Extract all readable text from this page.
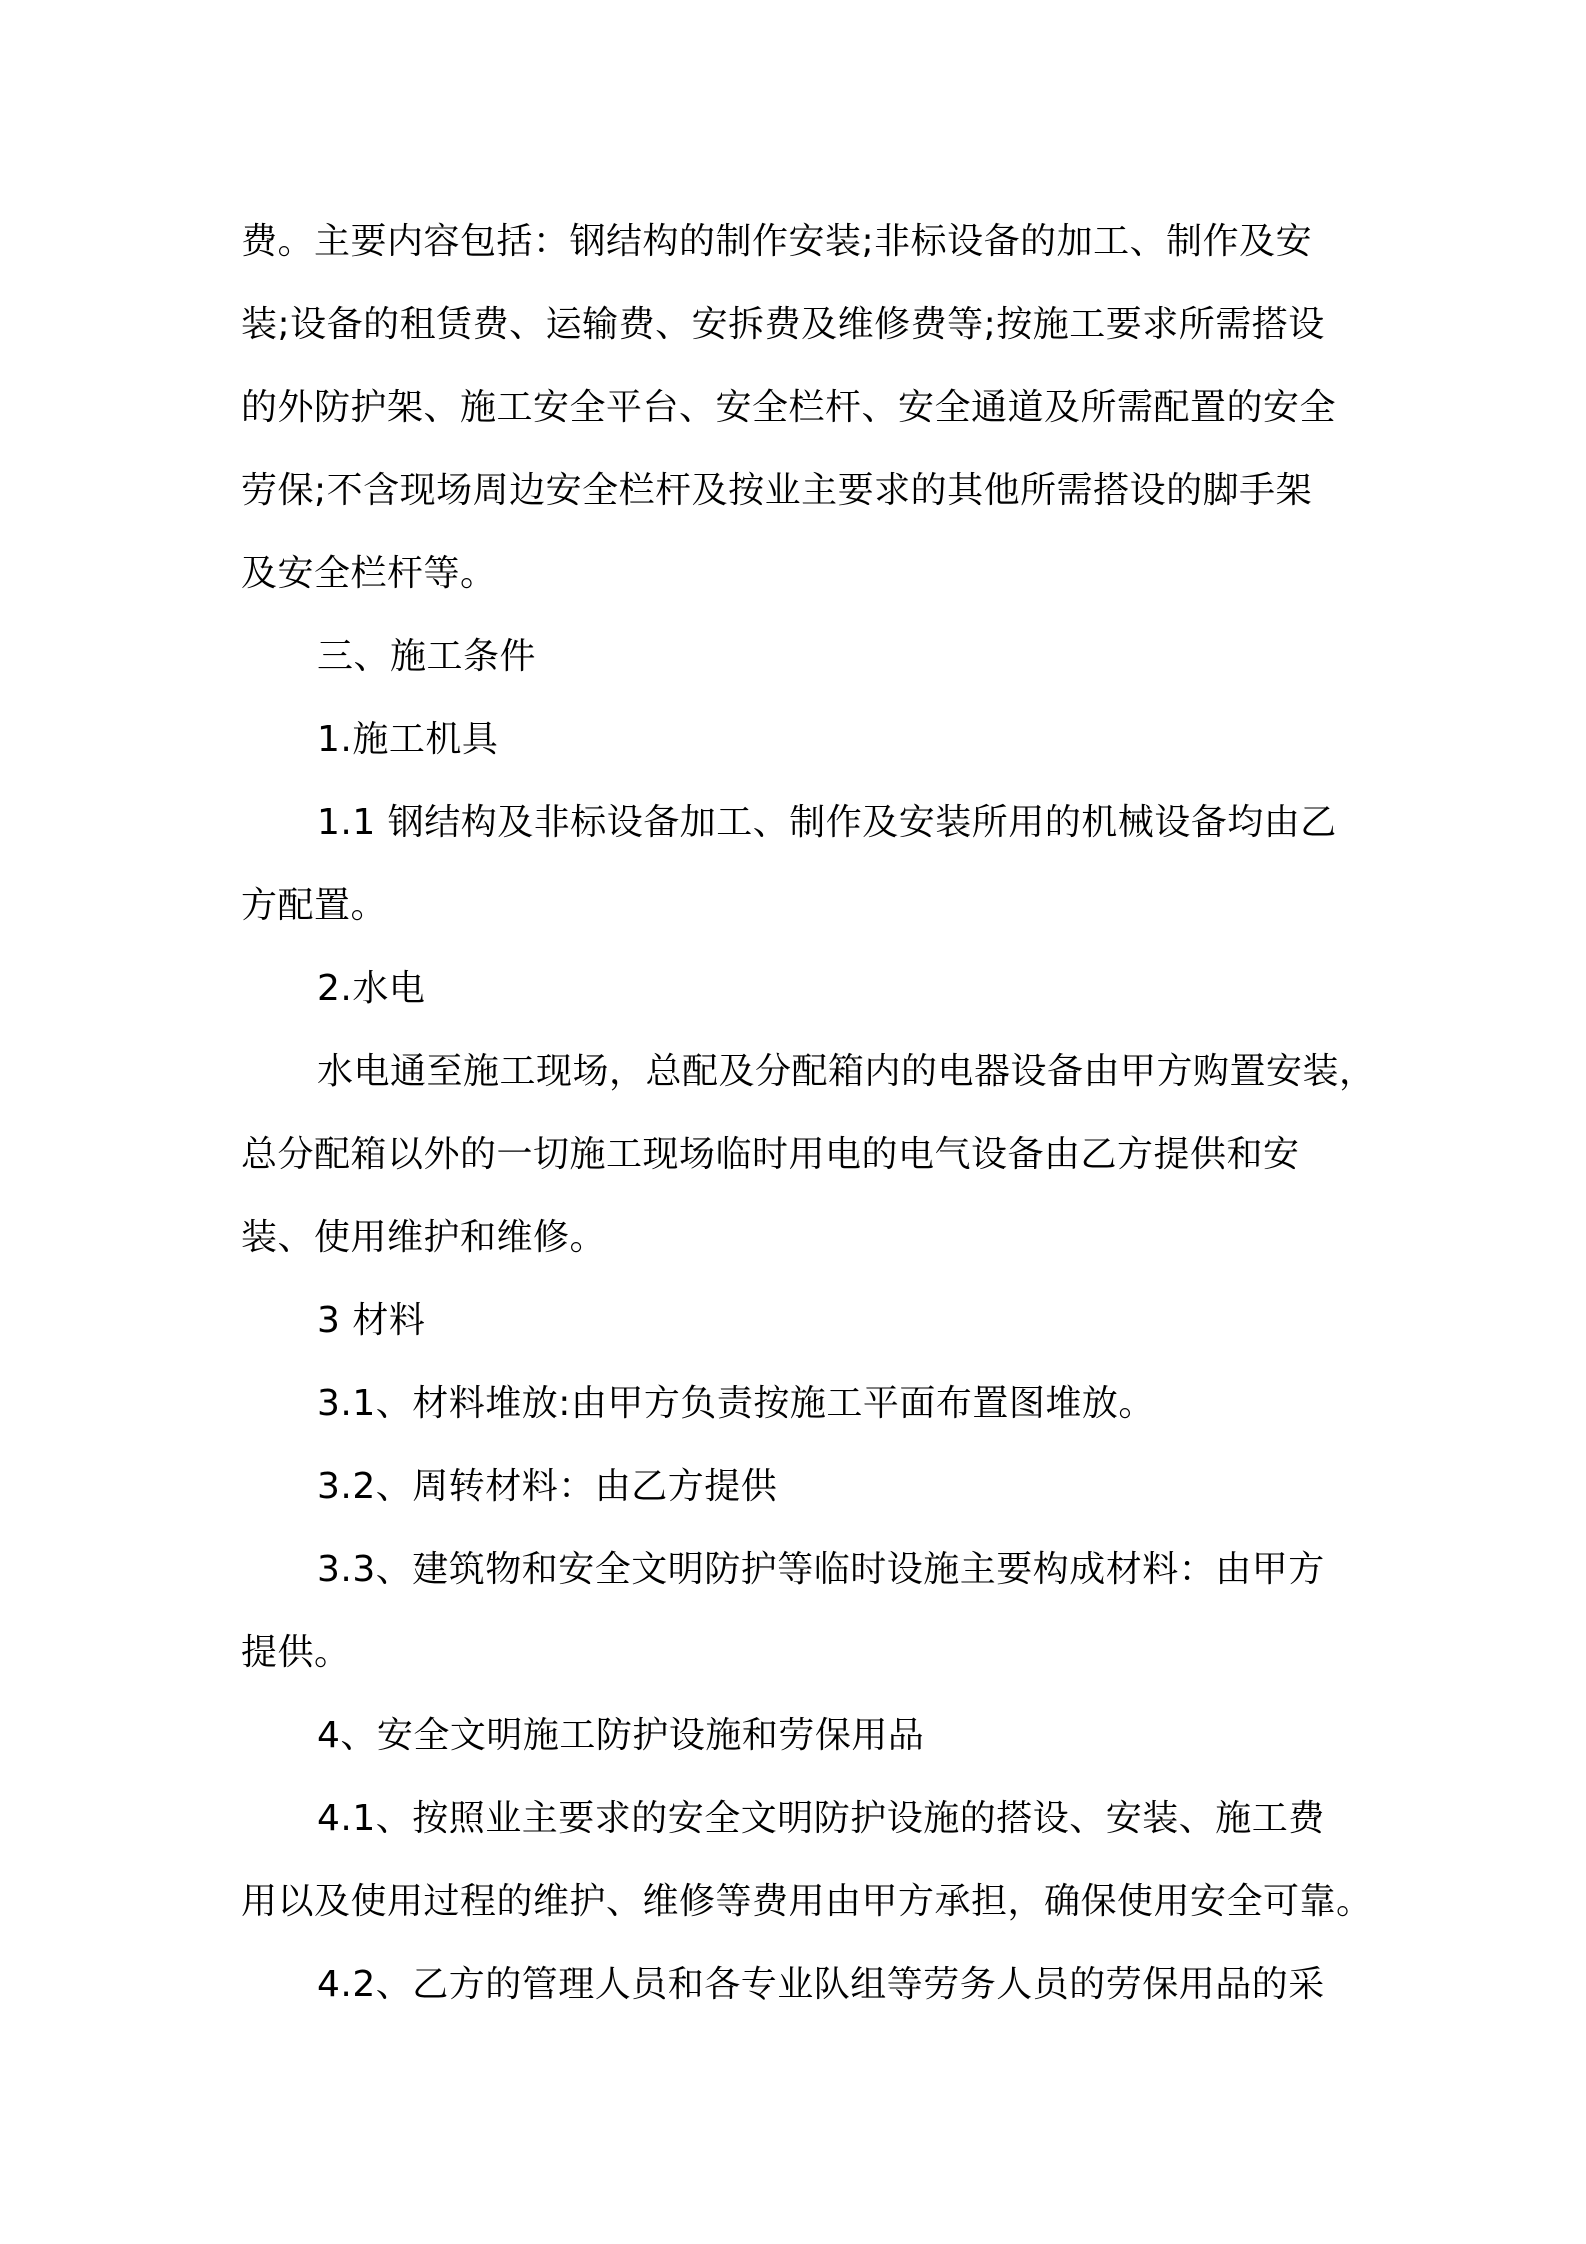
费。主要内容包括：钢结构的制作安装;非标设备的加工、制作及安
装;设备的租赁费、运输费、安拆费及维修费等;按施工要求所需搭设
的外防护架、施工安全平台、安全栏杆、安全通道及所需配置的安全
劳保;不含现场周边安全栏杆及按业主要求的其他所需搭设的脚手架
及安全栏杆等。
三、施工条件
1.施工机具
1.1 钢结构及非标设备加工、制作及安装所用的机械设备均由乙
方配置。
2.水电
水电通至施工现场，总配及分配箱内的电器设备由甲方购置安装，
总分配箱以外的一切施工现场临时用电的电气设备由乙方提供和安
装、使用维护和维修。
3 材料
3.1、材料堆放:由甲方负责按施工平面布置图堆放。
3.2、周转材料：由乙方提供
3.3、建筑物和安全文明防护等临时设施主要构成材料：由甲方
提供。
4、安全文明施工防护设施和劳保用品
4.1、按照业主要求的安全文明防护设施的搭设、安装、施工费
用以及使用过程的维护、维修等费用由甲方承担，确保使用安全可靠。
4.2、乙方的管理人员和各专业队组等劳务人员的劳保用品的采
